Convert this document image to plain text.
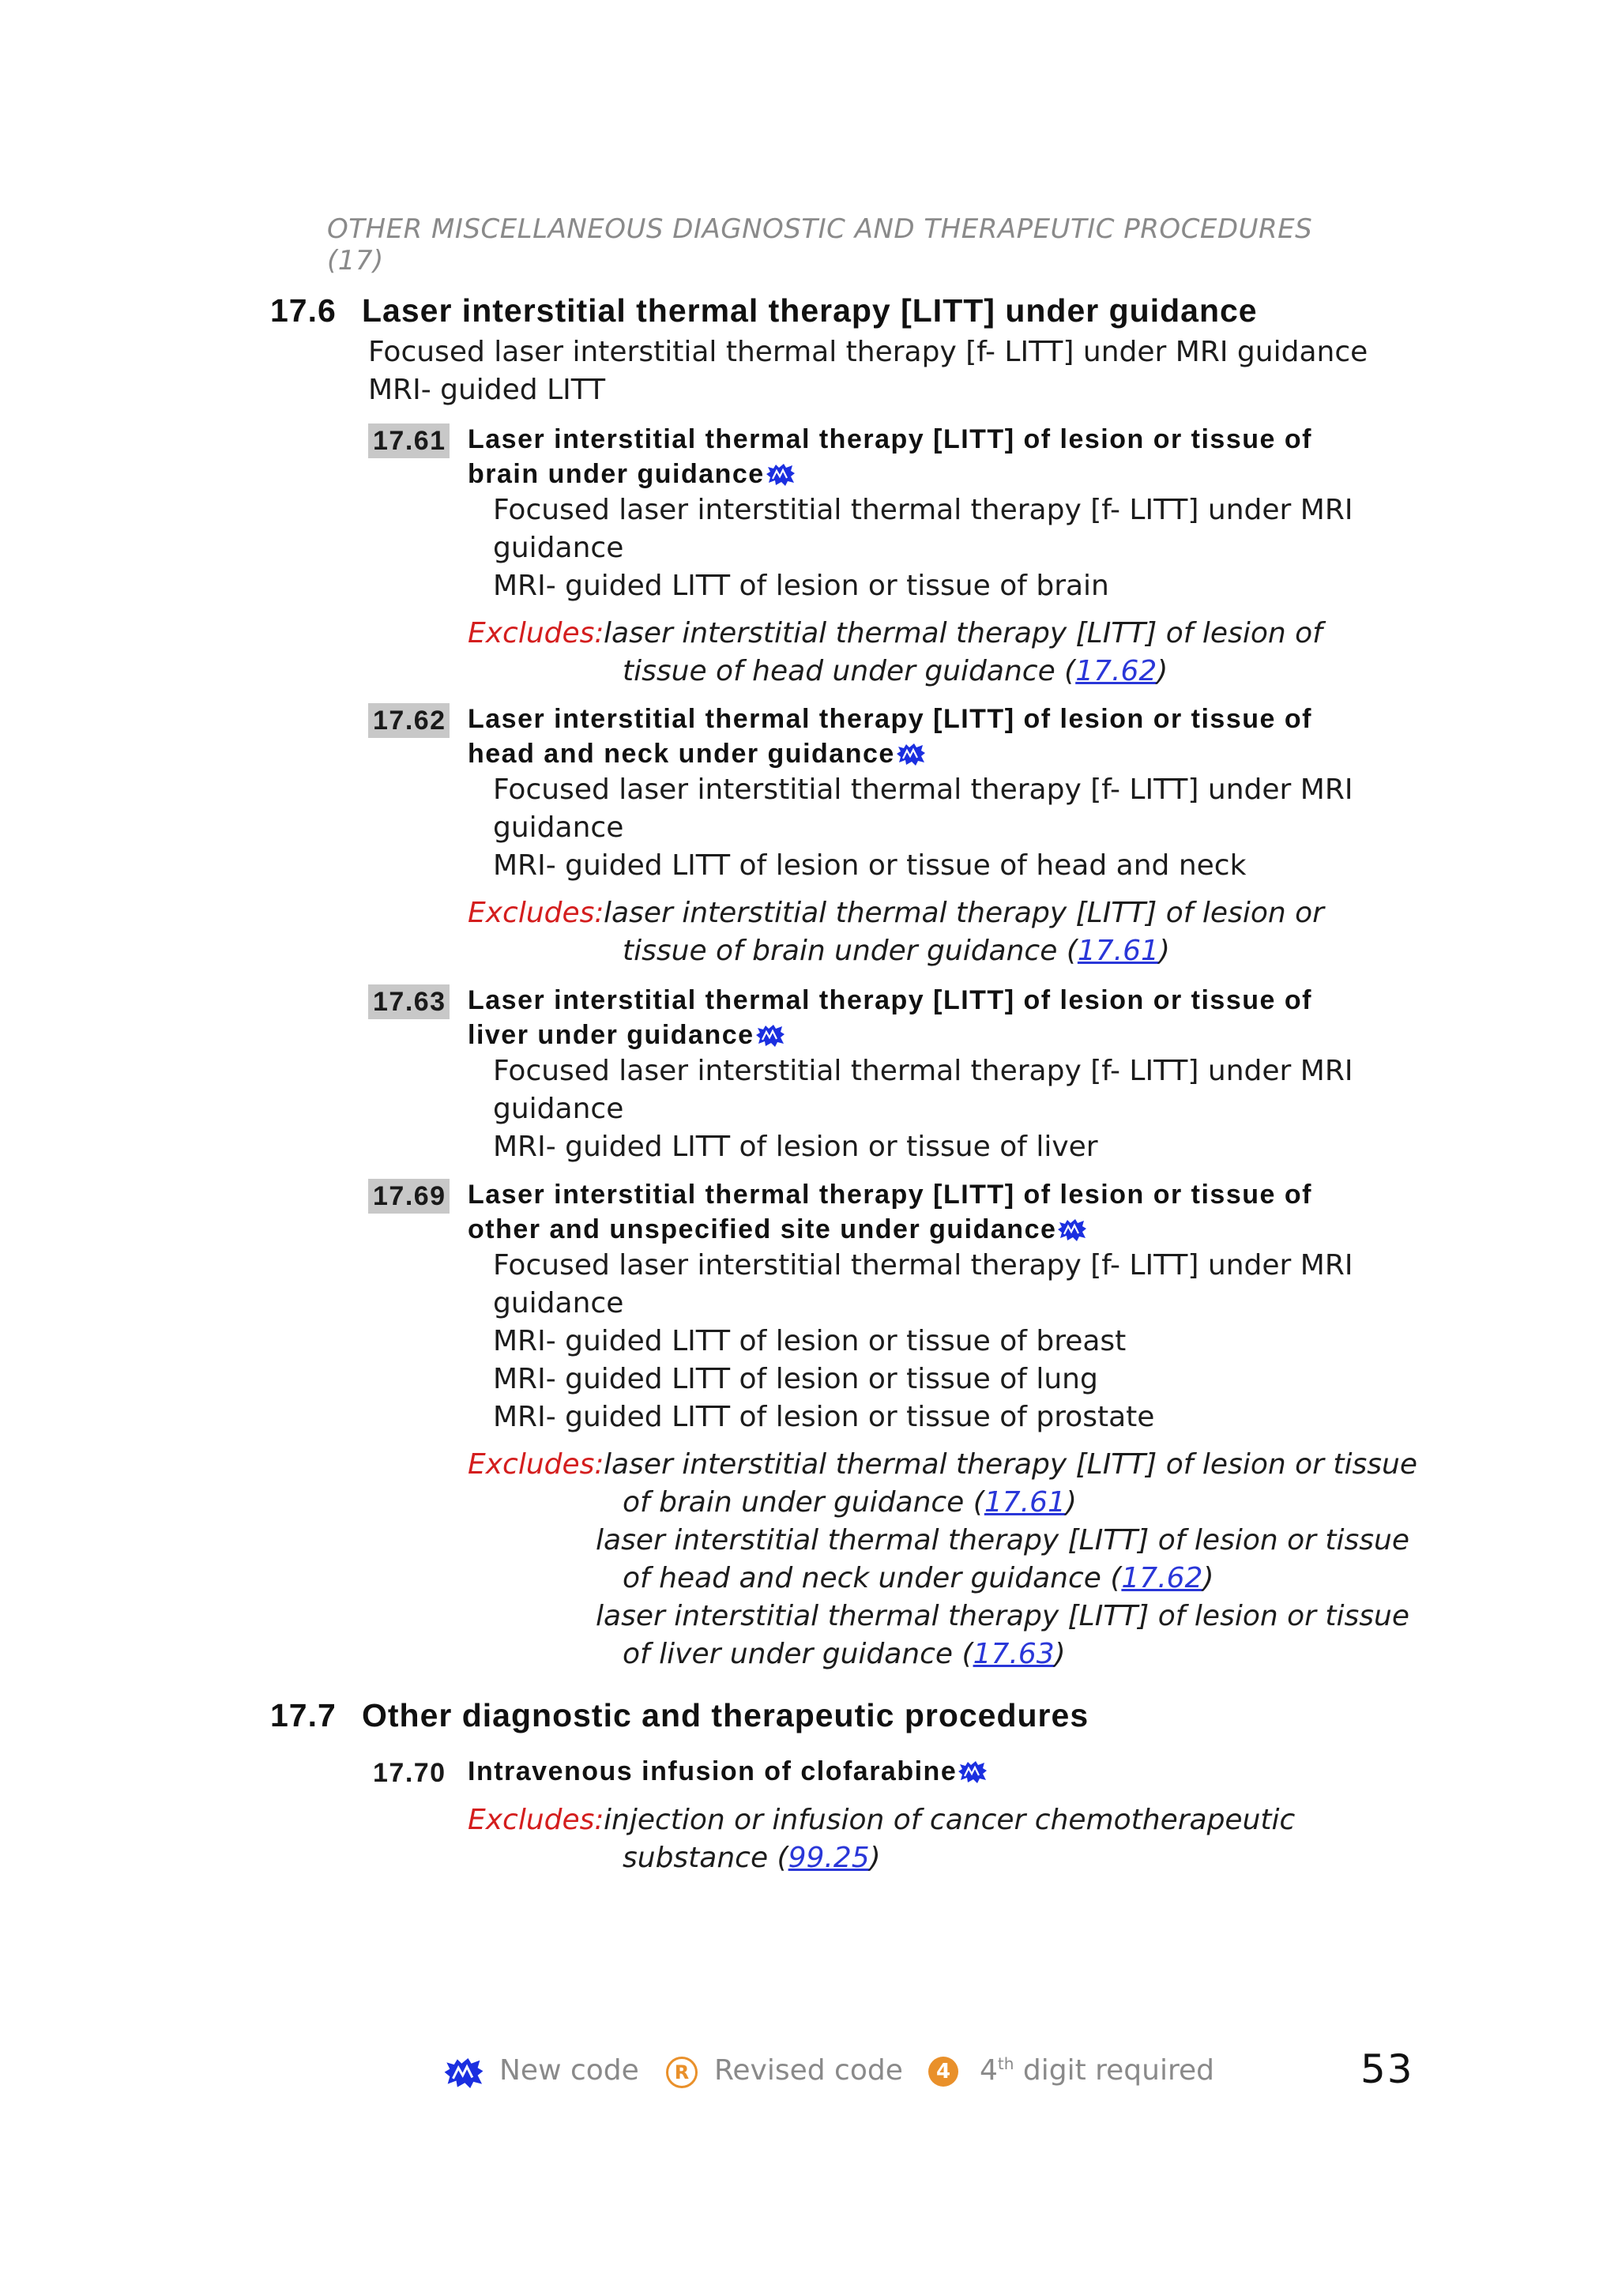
OTHER MISCELLANEOUS DIAGNOSTIC AND THERAPEUTIC PROCEDURES (17)
17.6 Laser interstitial thermal therapy [LITT] under guidance
Focused laser interstitial thermal therapy [f- LITT] under MRI guidance
MRI- guided LITT
17.61 Laser interstitial thermal therapy [LITT] of lesion or tissue of
brain under guidance
Focused laser interstitial thermal therapy [f- LITT] under MRI
guidance
MRI- guided LITT of lesion or tissue of brain
Excludes: laser interstitial thermal therapy [LITT] of lesion of
tissue of head under guidance (17.62)
17.62 Laser interstitial thermal therapy [LITT] of lesion or tissue of
head and neck under guidance
Focused laser interstitial thermal therapy [f- LITT] under MRI
guidance
MRI- guided LITT of lesion or tissue of head and neck
Excludes: laser interstitial thermal therapy [LITT] of lesion or
tissue of brain under guidance (17.61)
17.63 Laser interstitial thermal therapy [LITT] of lesion or tissue of
liver under guidance
Focused laser interstitial thermal therapy [f- LITT] under MRI
guidance
MRI- guided LITT of lesion or tissue of liver
17.69 Laser interstitial thermal therapy [LITT] of lesion or tissue of
other and unspecified site under guidance
Focused laser interstitial thermal therapy [f- LITT] under MRI
guidance
MRI- guided LITT of lesion or tissue of breast
MRI- guided LITT of lesion or tissue of lung
MRI- guided LITT of lesion or tissue of prostate
Excludes: laser interstitial thermal therapy [LITT] of lesion or tissue
of brain under guidance (17.61)
laser interstitial thermal therapy [LITT] of lesion or tissue
of head and neck under guidance (17.62)
laser interstitial thermal therapy [LITT] of lesion or tissue
of liver under guidance (17.63)
17.7 Other diagnostic and therapeutic procedures
17.70 Intravenous infusion of clofarabine
Excludes: injection or infusion of cancer chemotherapeutic
substance (99.25)
New code	R Revised code	4 4th digit required	53
